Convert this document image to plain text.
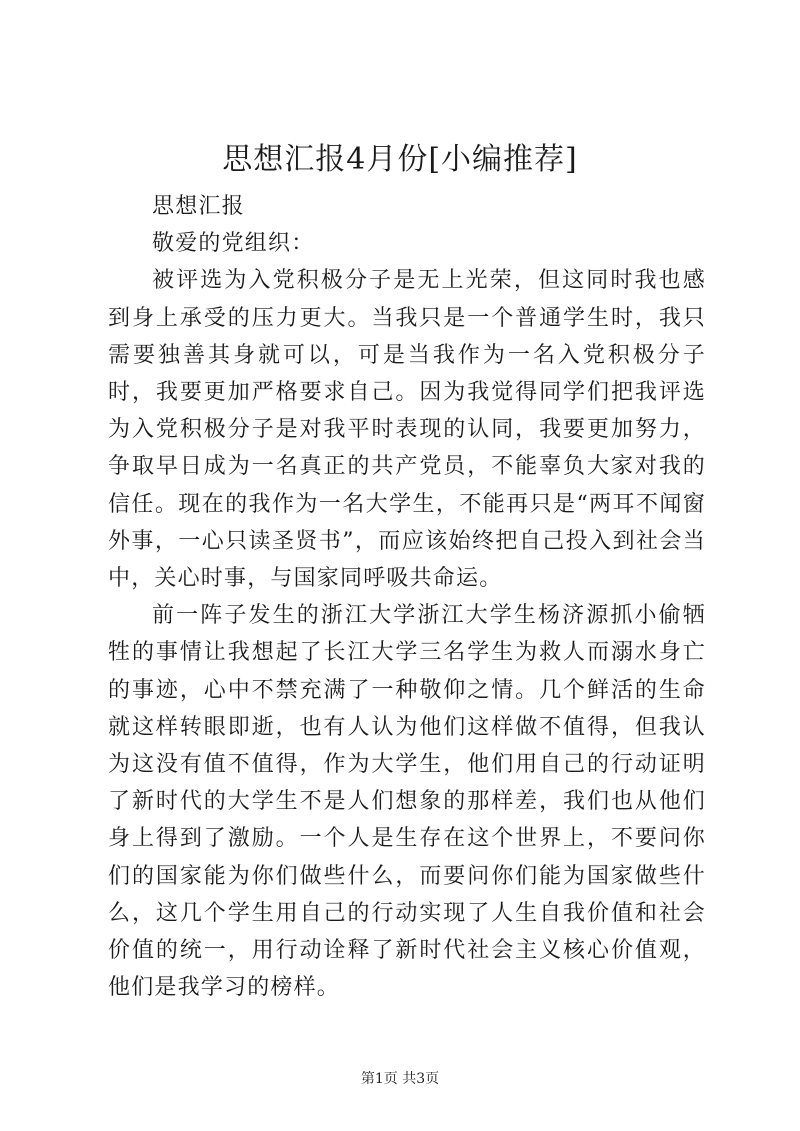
思想汇报4月份[小编推荐]

思想汇报

敬爱的党组织：

被评选为入党积极分子是无上光荣，但这同时我也感到身上承受的压力更大。当我只是一个普通学生时，我只需要独善其身就可以，可是当我作为一名入党积极分子时，我要更加严格要求自己。因为我觉得同学们把我评选为入党积极分子是对我平时表现的认同，我要更加努力，争取早日成为一名真正的共产党员，不能辜负大家对我的信任。现在的我作为一名大学生，不能再只是“两耳不闻窗外事，一心只读圣贤书”，而应该始终把自己投入到社会当中，关心时事，与国家同呼吸共命运。

前一阵子发生的浙江大学浙江大学生杨济源抓小偷牺牲的事情让我想起了长江大学三名学生为救人而溺水身亡的事迹，心中不禁充满了一种敬仰之情。几个鲜活的生命就这样转眼即逝，也有人认为他们这样做不值得，但我认为这没有值不值得，作为大学生，他们用自己的行动证明了新时代的大学生不是人们想象的那样差，我们也从他们身上得到了激励。一个人是生存在这个世界上，不要问你们的国家能为你们做些什么，而要问你们能为国家做些什么，这几个学生用自己的行动实现了人生自我价值和社会价值的统一，用行动诠释了新时代社会主义核心价值观，他们是我学习的榜样。

第1页 共3页
